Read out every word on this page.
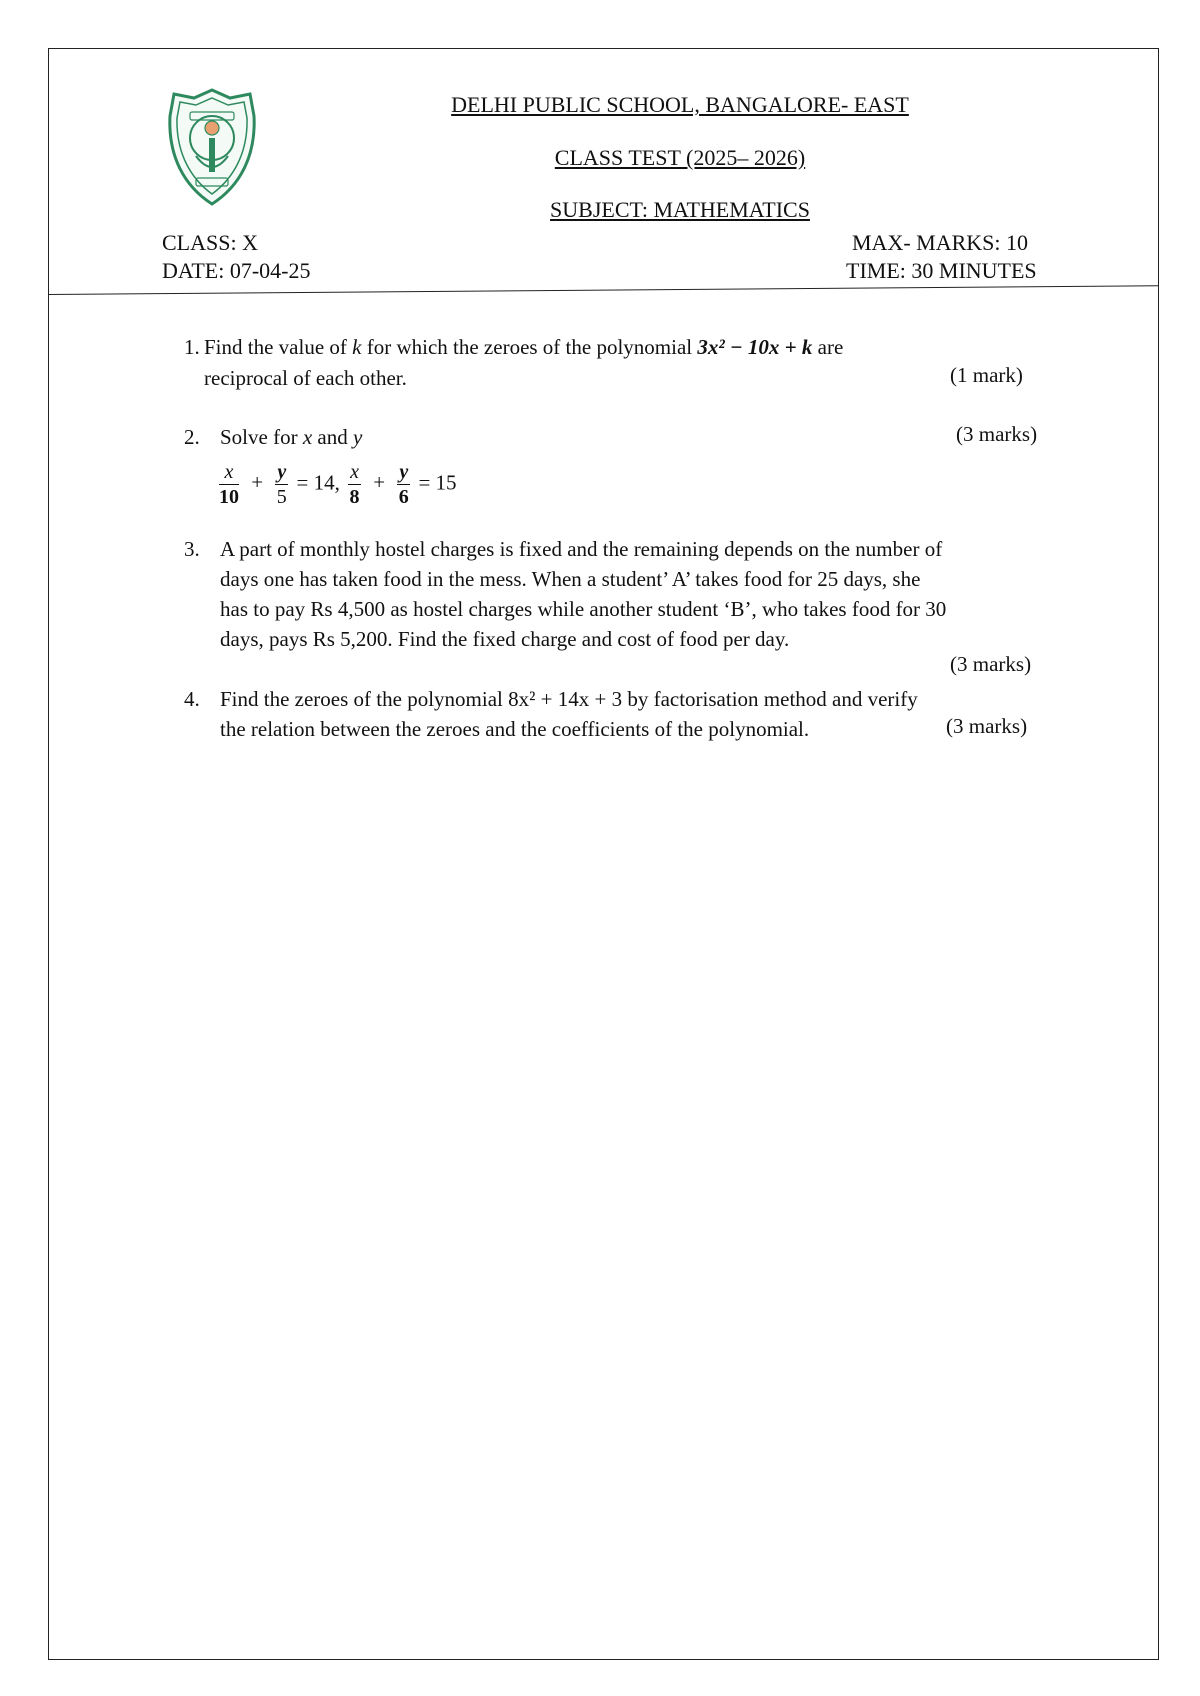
DELHI PUBLIC SCHOOL, BANGALORE- EAST
CLASS TEST (2025– 2026)
SUBJECT: MATHEMATICS
CLASS: X
DATE: 07-04-25
MAX- MARKS: 10
TIME: 30 MINUTES
1. Find the value of k for which the zeroes of the polynomial 3x² − 10x + k are
reciprocal of each other.	(1 mark)
2. Solve for x and y	(3 marks)
$\frac{x}{10} + \frac{y}{5} = 14$, $\frac{x}{8} + \frac{y}{6} = 15$
3. A part of monthly hostel charges is fixed and the remaining depends on the number of
days one has taken food in the mess. When a student’ A’ takes food for 25 days, she
has to pay Rs 4,500 as hostel charges while another student ‘B’, who takes food for 30
days, pays Rs 5,200. Find the fixed charge and cost of food per day.
(3 marks)
4. Find the zeroes of the polynomial 8x² + 14x + 3 by factorisation method and verify
the relation between the zeroes and the coefficients of the polynomial.	(3 marks)
